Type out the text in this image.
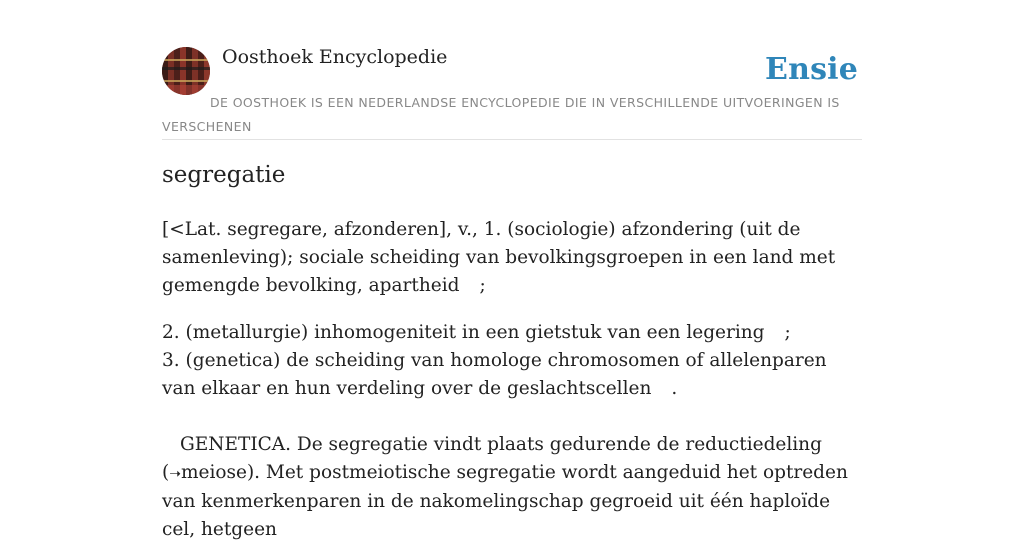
Oosthoek Encyclopedie	Ensie
DE OOSTHOEK IS EEN NEDERLANDSE ENCYCLOPEDIE DIE IN VERSCHILLENDE UITVOERINGEN IS VERSCHENEN
segregatie

[<Lat. segregare, afzonderen], v., 1. (sociologie) afzondering (uit de samenleving); sociale scheiding van bevolkingsgroepen in een land met gemengde bevolking, apartheid ;

2. (metallurgie) inhomogeniteit in een gietstuk van een legering ;
3. (genetica) de scheiding van homologe chromosomen of allelenparen van elkaar en hun verdeling over de geslachtscellen .

GENETICA. De segregatie vindt plaats gedurende de reductiedeling (➝meiose). Met postmeiotische segregatie wordt aangeduid het optreden van kenmerkenparen in de nakomelingschap gegroeid uit één haploïde cel, hetgeen
